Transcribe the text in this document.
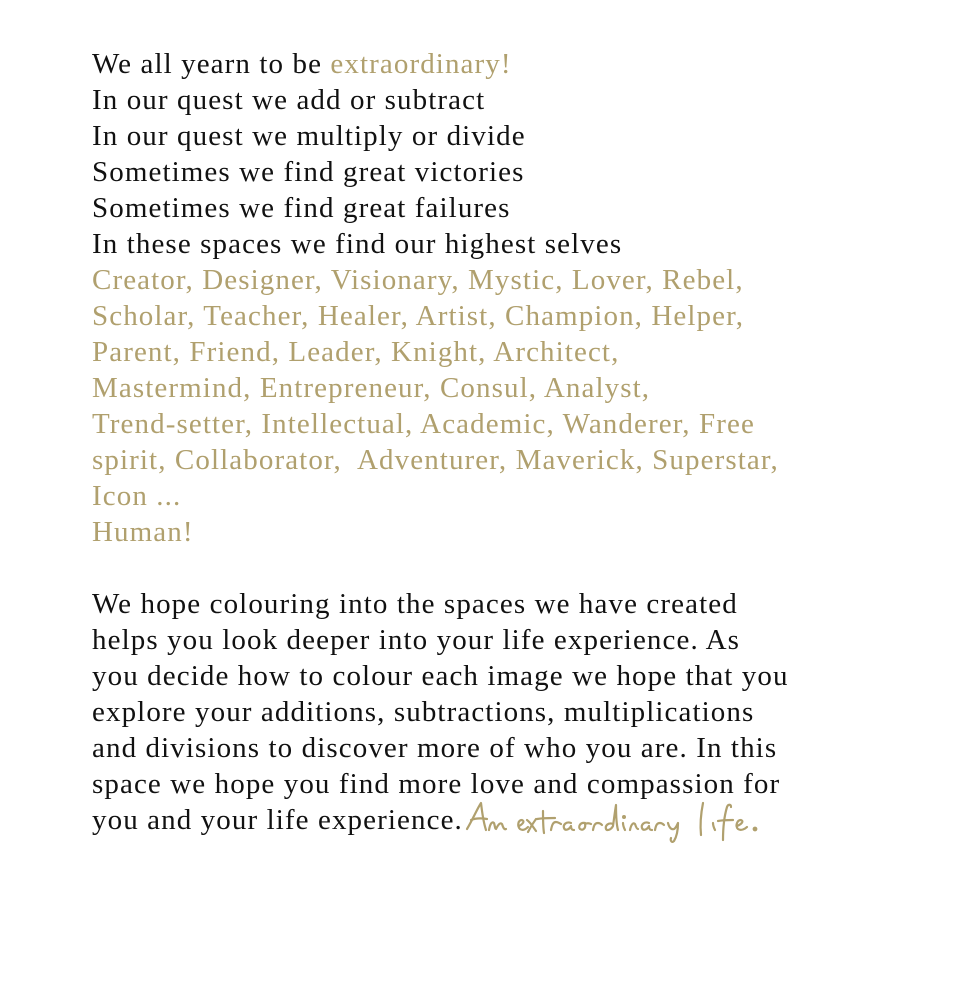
We all yearn to be extraordinary!
In our quest we add or subtract
In our quest we multiply or divide
Sometimes we find great victories
Sometimes we find great failures
In these spaces we find our highest selves
Creator, Designer, Visionary, Mystic, Lover, Rebel,
Scholar, Teacher, Healer, Artist, Champion, Helper,
Parent, Friend, Leader, Knight, Architect,
Mastermind, Entrepreneur, Consul, Analyst,
Trend-setter, Intellectual, Academic, Wanderer, Free
spirit, Collaborator,  Adventurer, Maverick, Superstar,
Icon ...
Human!
We hope colouring into the spaces we have created
helps you look deeper into your life experience. As
you decide how to colour each image we hope that you
explore your additions, subtractions, multiplications
and divisions to discover more of who you are. In this
space we hope you find more love and compassion for
you and your life experience.
